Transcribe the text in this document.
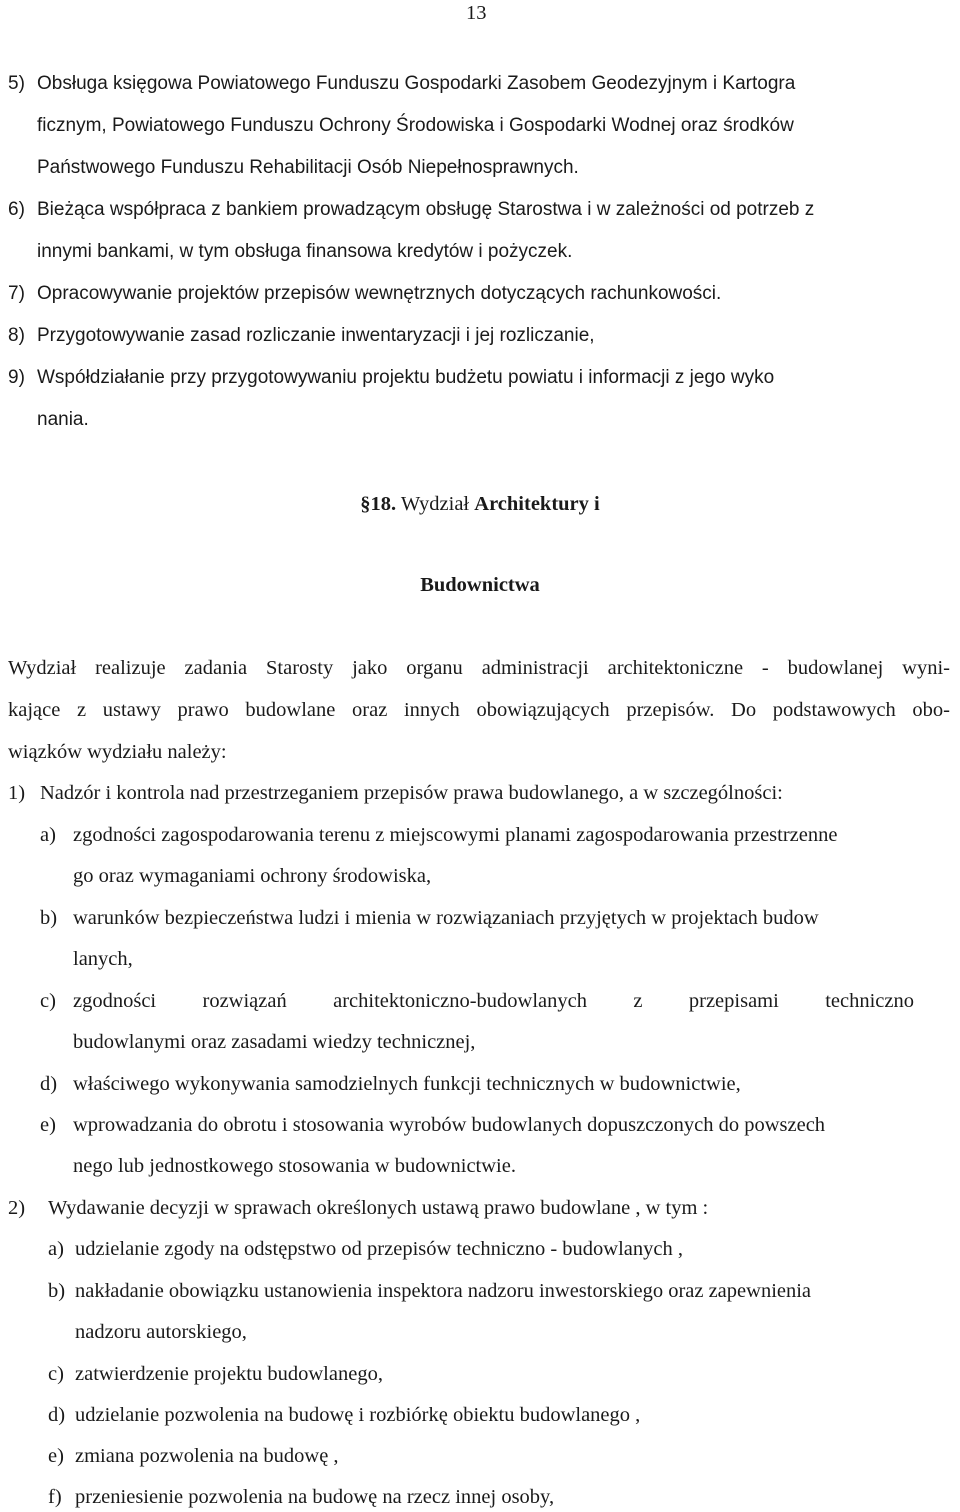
13
5) Obsługa księgowa Powiatowego Funduszu Gospodarki Zasobem Geodezyjnym i Kartogra
ficznym, Powiatowego Funduszu Ochrony Środowiska i Gospodarki Wodnej oraz środków
Państwowego Funduszu Rehabilitacji Osób Niepełnosprawnych.
6) Bieżąca współpraca z bankiem prowadzącym obsługę Starostwa i w zależności od potrzeb z
innymi bankami, w tym obsługa finansowa kredytów i pożyczek.
7) Opracowywanie projektów przepisów wewnętrznych dotyczących rachunkowości.
8) Przygotowywanie zasad rozliczanie inwentaryzacji i jej rozliczanie,
9) Współdziałanie przy przygotowywaniu projektu budżetu powiatu i informacji z jego wyko
nania.
§18. Wydział Architektury i
Budownictwa
Wydział realizuje zadania Starosty jako organu administracji architektoniczne - budowlanej wyni-
kające z ustawy prawo budowlane oraz innych obowiązujących przepisów. Do podstawowych obo-
wiązków wydziału należy:
1) Nadzór i kontrola nad przestrzeganiem przepisów prawa budowlanego, a w szczególności:
a) zgodności zagospodarowania terenu z miejscowymi planami zagospodarowania przestrzenne
go oraz wymaganiami ochrony środowiska,
b) warunków bezpieczeństwa ludzi i mienia w rozwiązaniach przyjętych w projektach budow
lanych,
c) zgodności rozwiązań architektoniczno-budowlanych z przepisami techniczno
budowlanymi oraz zasadami wiedzy technicznej,
d) właściwego wykonywania samodzielnych funkcji technicznych w budownictwie,
e) wprowadzania do obrotu i stosowania wyrobów budowlanych dopuszczonych do powszech
nego lub jednostkowego stosowania w budownictwie.
2) Wydawanie decyzji w sprawach określonych ustawą prawo budowlane , w tym :
a) udzielanie zgody na odstępstwo od przepisów techniczno - budowlanych ,
b) nakładanie obowiązku ustanowienia inspektora nadzoru inwestorskiego oraz zapewnienia
nadzoru autorskiego,
c) zatwierdzenie projektu budowlanego,
d) udzielanie pozwolenia na budowę i rozbiórkę obiektu budowlanego ,
e) zmiana pozwolenia na budowę ,
f) przeniesienie pozwolenia na budowę na rzecz innej osoby,
